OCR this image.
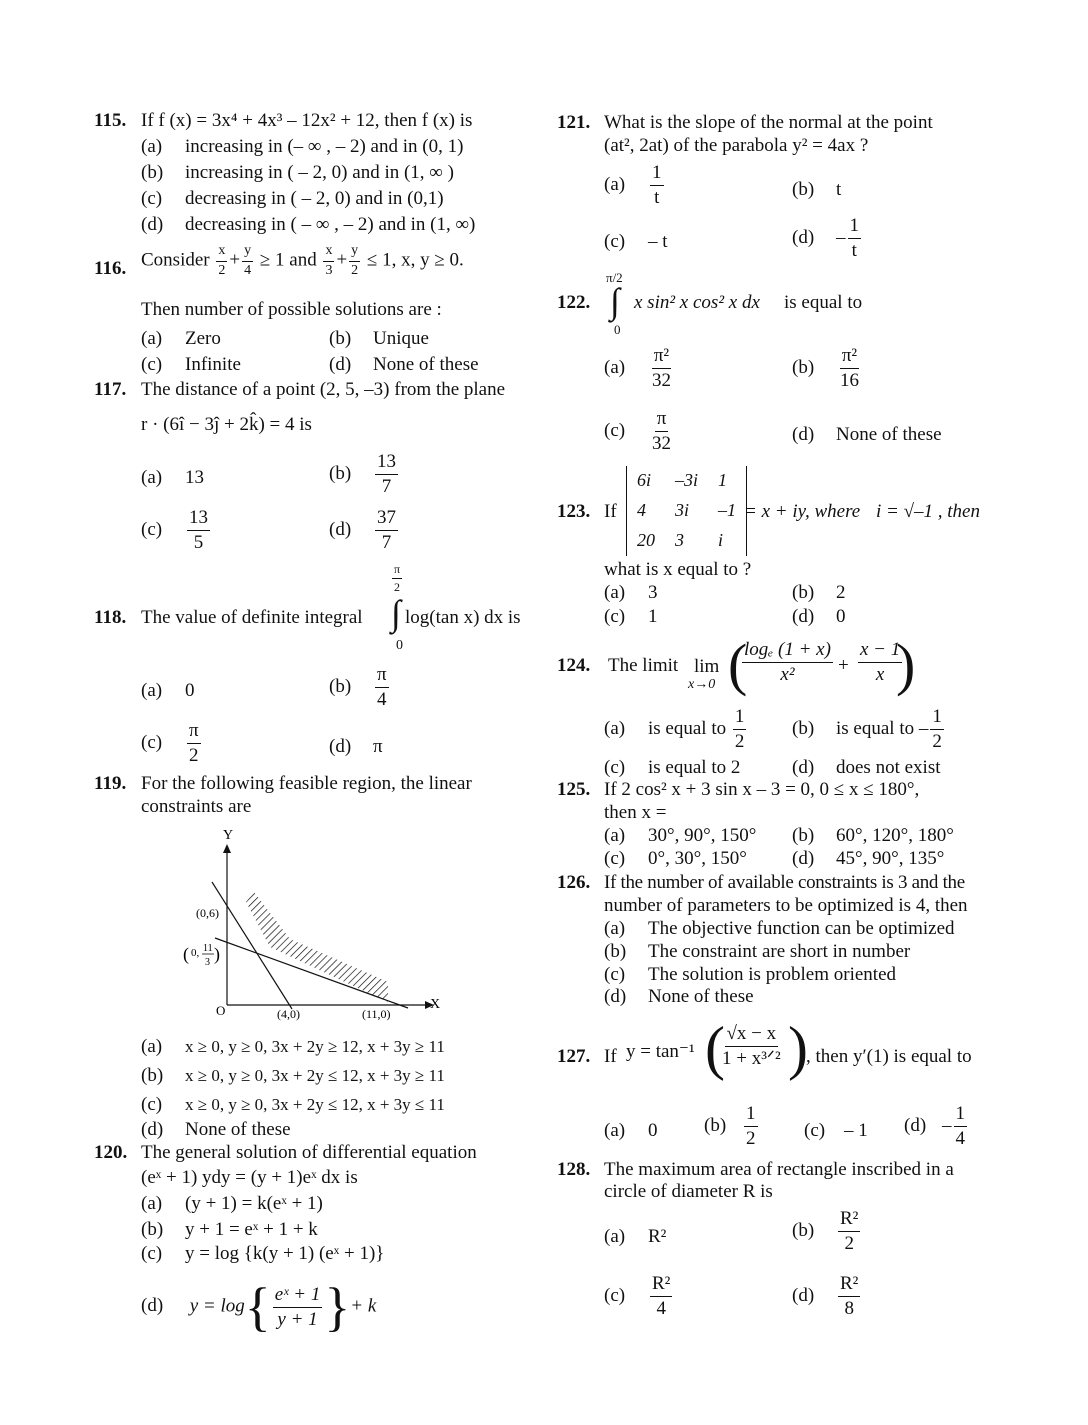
115. If f (x) = 3x⁴ + 4x³ – 12x² + 12, then f (x) is
(a) increasing in (– ∞ , – 2) and in (0, 1)
(b) increasing in ( – 2, 0) and in (1, ∞ )
(c) decreasing in ( – 2, 0) and in (0,1)
(d) decreasing in ( – ∞ , – 2) and in (1, ∞)
116. Consider $\frac{x}{2} + \frac{y}{4} \ge 1$ and $\frac{x}{3} + \frac{y}{2} \le 1$, x, y ≥ 0.
Then number of possible solutions are :
(a) Zero	(b) Unique
(c) Infinite	(d) None of these
117. The distance of a point (2, 5, –3) from the plane
r · (6î − 3ĵ + 2k̂) = 4 is
(a) 13	$(b) \frac{13}{7}$
$(c) \frac{13}{5}$	$(d) \frac{37}{7}$
118. The value of definite integral
$\frac{\pi}{2}$
∫
0
log(tan x) dx is
(a) 0	$(b) \frac{\pi}{4}$
$(c) \frac{\pi}{2}$	(d) π
119. For the following feasible region, the linear
constraints are
Y
X
O
(0,6)
( 0, 11
3 )
(4,0)	(11,0)
(a) x ≥ 0, y ≥ 0, 3x + 2y ≥ 12, x + 3y ≥ 11
(b) x ≥ 0, y ≥ 0, 3x + 2y ≤ 12, x + 3y ≥ 11
(c) x ≥ 0, y ≥ 0, 3x + 2y ≤ 12, x + 3y ≤ 11
(d) None of these
120. The general solution of differential equation
(eˣ + 1) ydy = (y + 1)eˣ dx is
(a) (y + 1) = k(eˣ + 1)
(b) y + 1 = eˣ + 1 + k
(c) y = log {k(y + 1) (eˣ + 1)}
(d) $y = \log\{ \frac{\text{eˣ + 1}}{y + 1}$ }+ k
121. What is the slope of the normal at the point
(at², 2at) of the parabola y² = 4ax ?
$(a) \frac{1}{t}$	(b) t
(c) – t	$(d) - \frac{1}{t}$
122.
π/2
∫
0
x sin² x cos² x dx is equal to
$(a) \frac{\text{π²}}{32}$	$(b) \frac{\text{π²}}{16}$
$(c) \frac{\pi}{32}$	(d) None of these
123. If
6i	–3i	1
4	3i	–1
20	3	i
= x + iy, where i = √–1 , then
what is x equal to ?
(a) 3	(b) 2
(c) 1	(d) 0
124. The limit lim
x→0 (
$\frac{\text{logₑ (1 + x)}}{\text{x²}} + \frac{x - 1}{x}$
)
(a) is equal to $\frac{1}{2} (b)$ is equal to – $\frac{1}{2}$
(c) is equal to 2	(d) does not exist
125. If 2 cos² x + 3 sin x – 3 = 0, 0 ≤ x ≤ 180°,
then x =
(a) 30°, 90°, 150° (b) 60°, 120°, 180°
(c) 0°, 30°, 150° (d) 45°, 90°, 135°
126. If the number of available constraints is 3 and the
number of parameters to be optimized is 4, then
(a) The objective function can be optimized
(b) The constraint are short in number
(c) The solution is problem oriented
(d) None of these
127. If y = tan⁻¹ ( √x − x
1 + x³ᐟ² )
, then y′(1) is equal to
(a) 0 $(b) \frac{1}{2} (c) - 1$ $(d) - \frac{1}{4}$
128. The maximum area of rectangle inscribed in a
circle of diameter R is
(a) R²	$(b) \frac{\text{R²}}{2}$
$(c) \frac{\text{R²}}{4}$	$(d) \frac{\text{R²}}{8}$
